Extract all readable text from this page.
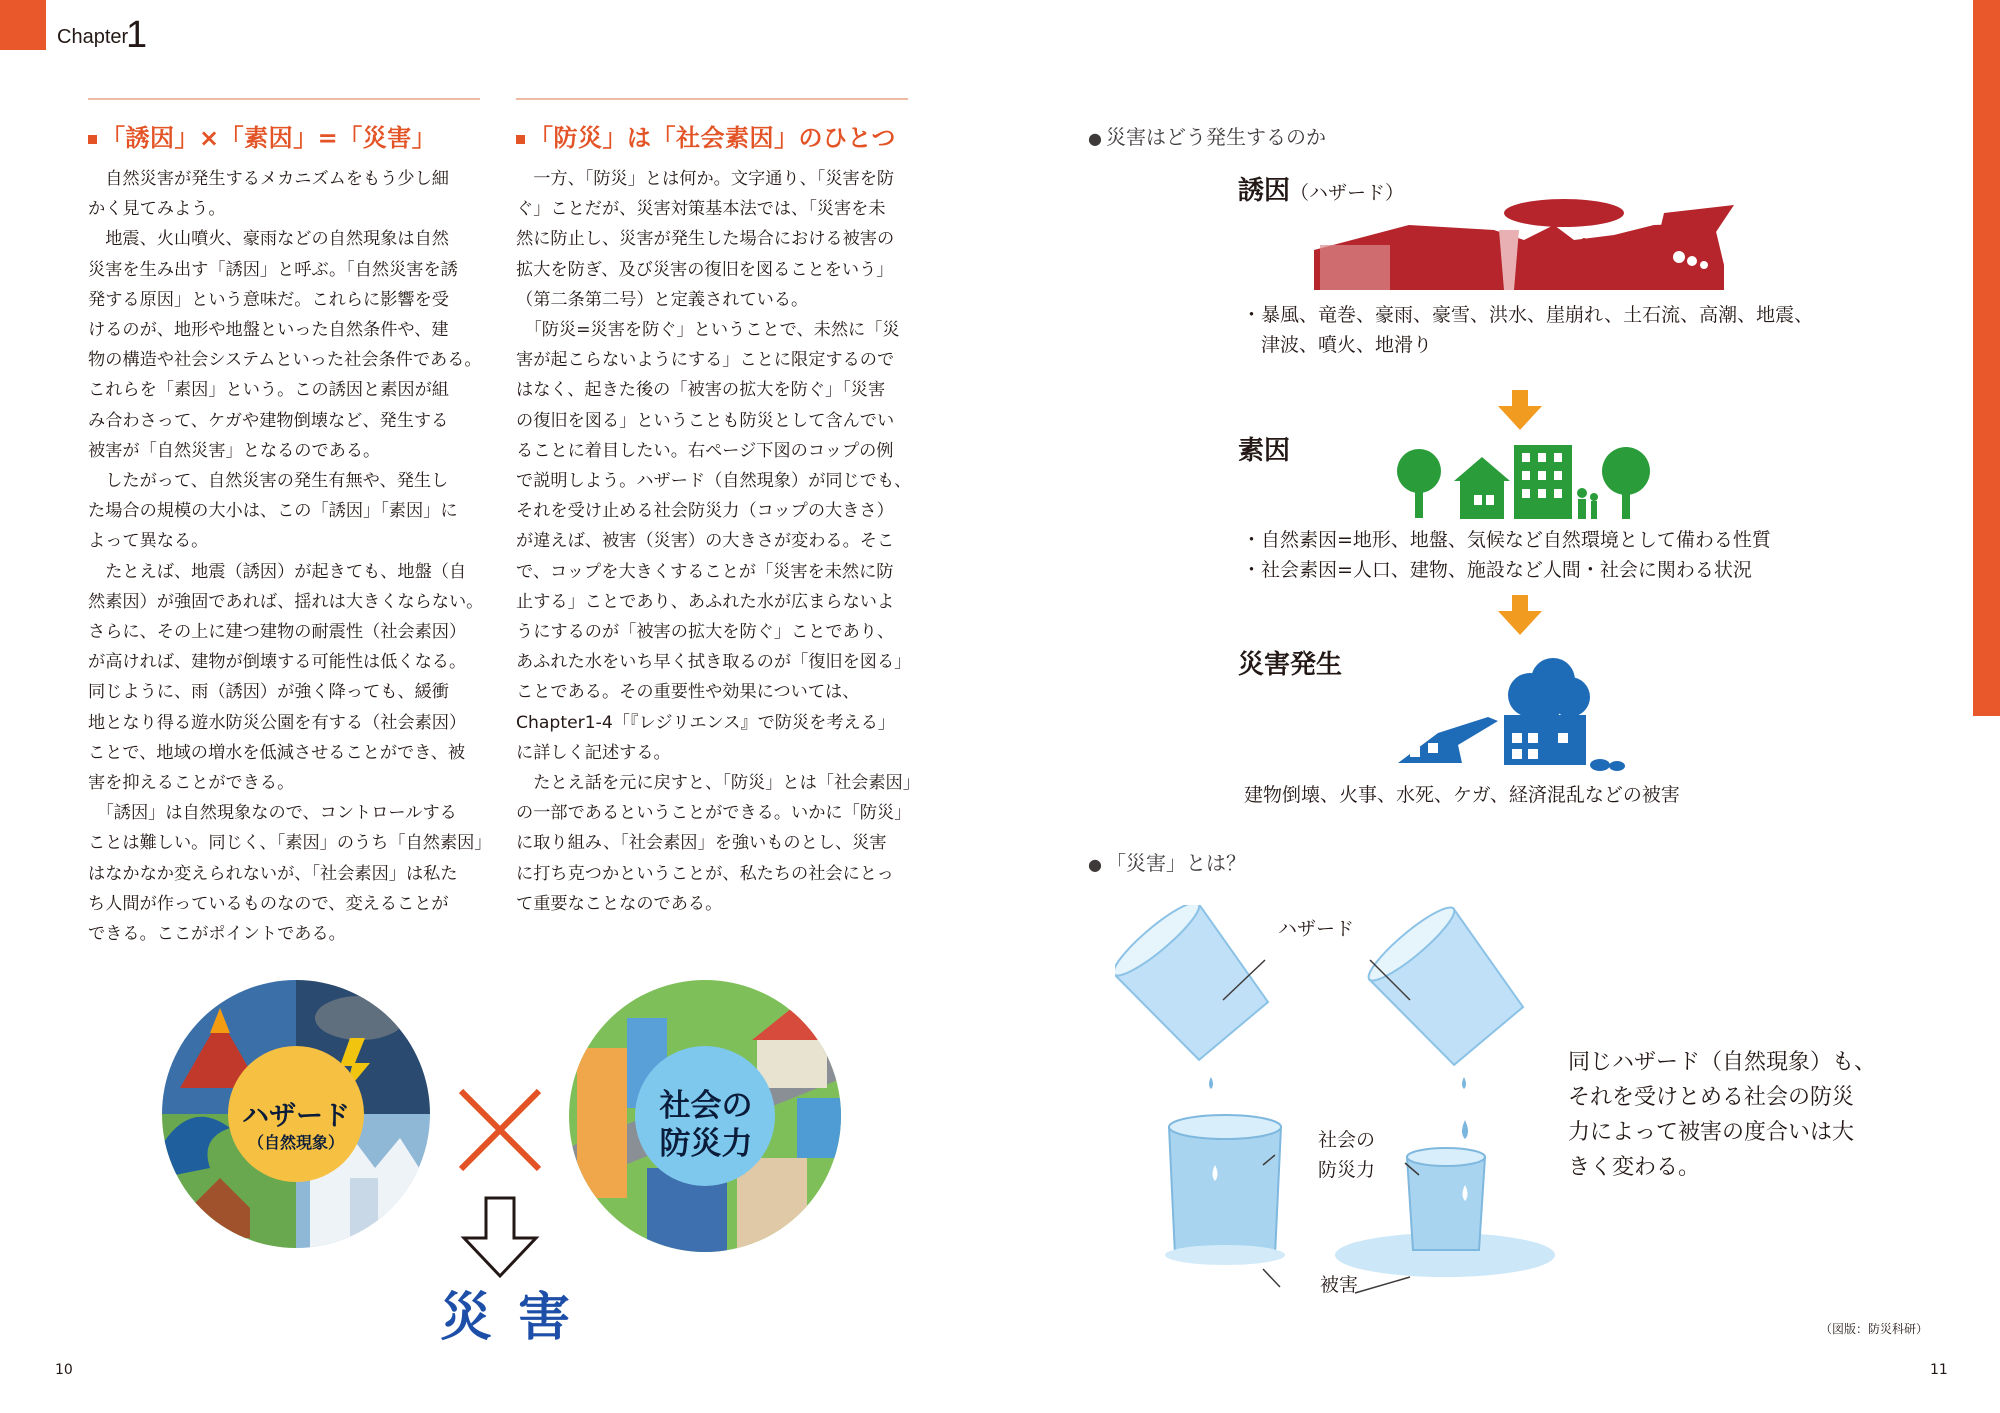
Chapter
1
「誘因」×「素因」=「災害」

　自然災害が発生するメカニズムをもう少し細

かく見てみよう。

　地震、火山噴火、豪雨などの自然現象は自然

災害を生み出す「誘因」と呼ぶ。「自然災害を誘

発する原因」という意味だ。これらに影響を受

けるのが、地形や地盤といった自然条件や、建

物の構造や社会システムといった社会条件である。

これらを「素因」という。この誘因と素因が組

み合わさって、ケガや建物倒壊など、発生する

被害が「自然災害」となるのである。

　したがって、自然災害の発生有無や、発生し

た場合の規模の大小は、この「誘因」「素因」に

よって異なる。

　たとえば、地震（誘因）が起きても、地盤（自

然素因）が強固であれば、揺れは大きくならない。

さらに、その上に建つ建物の耐震性（社会素因）

が高ければ、建物が倒壊する可能性は低くなる。

同じように、雨（誘因）が強く降っても、緩衝

地となり得る遊水防災公園を有する（社会素因）

ことで、地域の増水を低減させることができ、被

害を抑えることができる。

　「誘因」は自然現象なので、コントロールする

ことは難しい。同じく、「素因」のうち「自然素因」

はなかなか変えられないが、「社会素因」は私た

ち人間が作っているものなので、変えることが

できる。ここがポイントである。

「防災」は「社会素因」のひとつ

　一方、「防災」とは何か。文字通り、「災害を防

ぐ」ことだが、災害対策基本法では、「災害を未

然に防止し、災害が発生した場合における被害の

拡大を防ぎ、及び災害の復旧を図ることをいう」

（第二条第二号）と定義されている。

　「防災=災害を防ぐ」ということで、未然に「災

害が起こらないようにする」ことに限定するので

はなく、起きた後の「被害の拡大を防ぐ」「災害

の復旧を図る」ということも防災として含んでい

ることに着目したい。右ページ下図のコップの例

で説明しよう。ハザード（自然現象）が同じでも、

それを受け止める社会防災力（コップの大きさ）

が違えば、被害（災害）の大きさが変わる。そこ

で、コップを大きくすることが「災害を未然に防

止する」ことであり、あふれた水が広まらないよ

うにするのが「被害の拡大を防ぐ」ことであり、

あふれた水をいち早く拭き取るのが「復旧を図る」

ことである。その重要性や効果については、

Chapter1-4「『レジリエンス』で防災を考える」

に詳しく記述する。

　たとえ話を元に戻すと、「防災」とは「社会素因」

の一部であるということができる。いかに「防災」

に取り組み、「社会素因」を強いものとし、災害

に打ち克つかということが、私たちの社会にとっ

て重要なことなのである。

ハザード
（自然現象）
社会の
防災力
災 害
● 災害はどう発生するのか
誘因（ハザード）

・暴風、竜巻、豪雨、豪雪、洪水、崖崩れ、土石流、高潮、地震、

　津波、噴火、地滑り

素因

・自然素因=地形、地盤、気候など自然環境として備わる性質

・社会素因=人口、建物、施設など人間・社会に関わる状況

災害発生

建物倒壊、火事、水死、ケガ、経済混乱などの被害

● 「災害」とは？
ハザード
社会の
防災力
被害

同じハザード（自然現象）も、

それを受けとめる社会の防災

力によって被害の度合いは大

きく変わる。

（図版：防災科研）
10	11
